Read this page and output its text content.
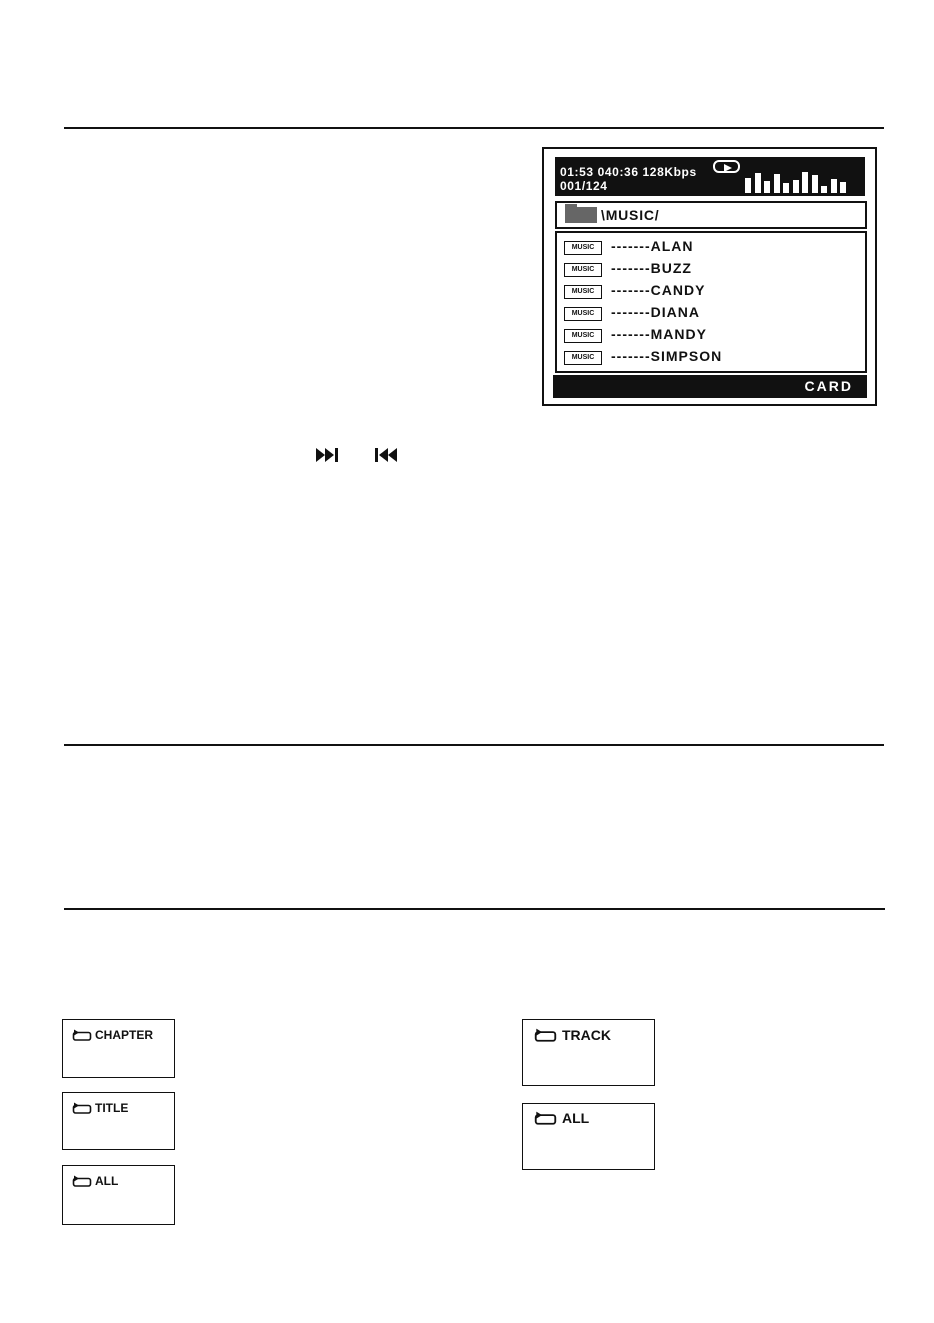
01:53 040:36 128Kbps
001/124
\MUSIC/
MUSIC	-------ALAN
MUSIC	-------BUZZ
MUSIC	-------CANDY
MUSIC	-------DIANA
MUSIC	-------MANDY
MUSIC	-------SIMPSON
CARD
CHAPTER
TITLE
ALL
TRACK
ALL
